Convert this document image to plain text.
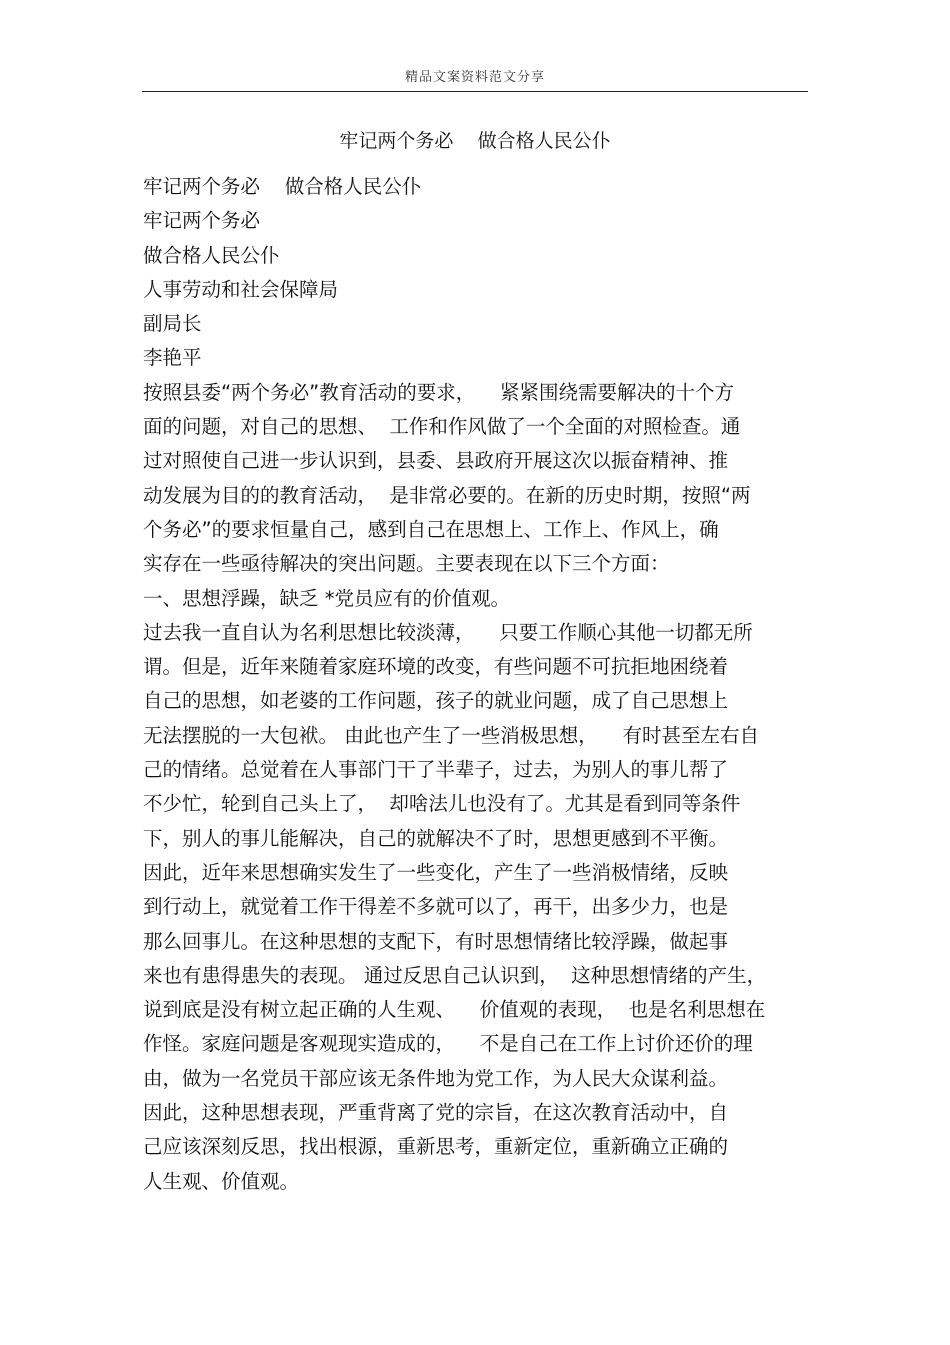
精品文案资料范文分享
牢记两个务必    做合格人民公仆
牢记两个务必    做合格人民公仆
牢记两个务必
做合格人民公仆
人事劳动和社会保障局
副局长
李艳平
按照县委“两个务必”教育活动的要求，    紧紧围绕需要解决的十个方
面的问题，对自己的思想、  工作和作风做了一个全面的对照检查。通
过对照使自己进一步认识到，县委、县政府开展这次以振奋精神、推
动发展为目的的教育活动，  是非常必要的。在新的历史时期，按照“两
个务必”的要求恒量自己，感到自己在思想上、工作上、作风上，确
实存在一些亟待解决的突出问题。主要表现在以下三个方面：
一、思想浮躁，缺乏 *党员应有的价值观。
过去我一直自认为名利思想比较淡薄，    只要工作顺心其他一切都无所
谓。但是，近年来随着家庭环境的改变，有些问题不可抗拒地困绕着
自己的思想，如老婆的工作问题，孩子的就业问题，成了自己思想上
无法摆脱的一大包袱。 由此也产生了一些消极思想，    有时甚至左右自
己的情绪。总觉着在人事部门干了半辈子，过去，为别人的事儿帮了
不少忙，轮到自己头上了，  却啥法儿也没有了。尤其是看到同等条件
下，别人的事儿能解决，自己的就解决不了时，思想更感到不平衡。
因此，近年来思想确实发生了一些变化，产生了一些消极情绪，反映
到行动上，就觉着工作干得差不多就可以了，再干，出多少力，也是
那么回事儿。在这种思想的支配下，有时思想情绪比较浮躁，做起事
来也有患得患失的表现。 通过反思自己认识到，  这种思想情绪的产生，
说到底是没有树立起正确的人生观、    价值观的表现，  也是名利思想在
作怪。家庭问题是客观现实造成的，    不是自己在工作上讨价还价的理
由，做为一名党员干部应该无条件地为党工作，为人民大众谋利益。
因此，这种思想表现，严重背离了党的宗旨，在这次教育活动中，自
己应该深刻反思，找出根源，重新思考，重新定位，重新确立正确的
人生观、价值观。
